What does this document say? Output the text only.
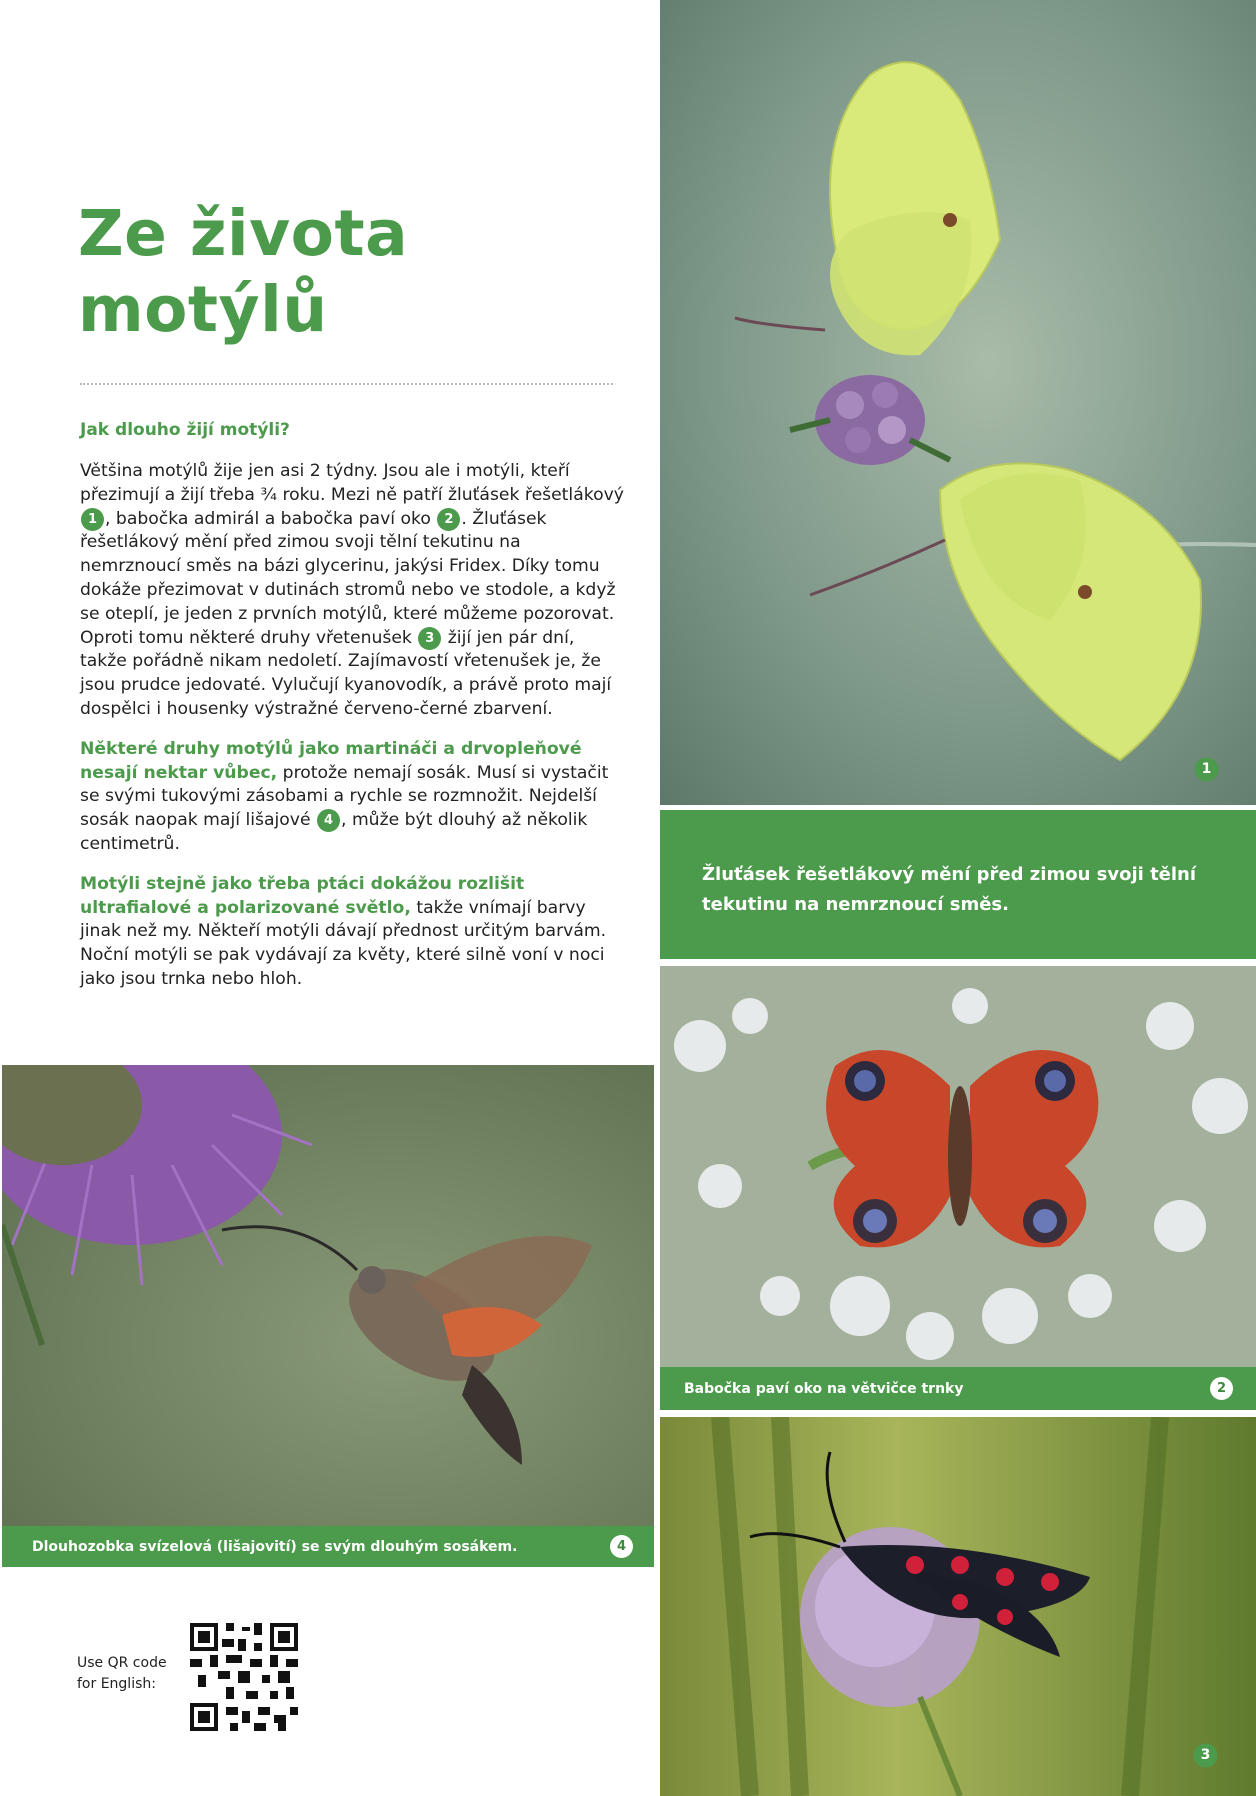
Ze života
motýlů
Jak dlouho žijí motýli?

Většina motýlů žije jen asi 2 týdny. Jsou ale i motýli, kteří přezimují a žijí třeba ¾ roku. Mezi ně patří žluťásek řešetlákový 1 , babočka admirál a babočka paví oko 2 . Žluťásek řešetlákový mění před zimou svoji tělní tekutinu na nemrznoucí směs na bázi glycerinu, jakýsi Fridex. Díky tomu dokáže přezimovat v dutinách stromů nebo ve stodole, a když se oteplí, je jeden z prvních motýlů, které můžeme pozorovat. Oproti tomu některé druhy vřetenušek 3 žijí jen pár dní, takže pořádně nikam nedoletí. Zajímavostí vřetenušek je, že jsou prudce jedovaté. Vylučují kyanovodík, a právě proto mají dospělci i housenky výstražné červeno-černé zbarvení.

Některé druhy motýlů jako martináči a drvopleňové nesají nektar vůbec, protože nemají sosák. Musí si vystačit se svými tukovými zásobami a rychle se rozmnožit. Nejdelší sosák naopak mají lišajové 4 , může být dlouhý až několik centimetrů.

Motýli stejně jako třeba ptáci dokážou rozlišit ultrafialové a polarizované světlo, takže vnímají barvy jinak než my. Někteří motýli dávají přednost určitým barvám. Noční motýli se pak vydávají za květy, které silně voní v noci jako jsou trnka nebo hloh.

1
Žluťásek řešetlákový mění před zimou svoji tělní tekutinu na nemrznoucí směs.
Babočka paví oko na větvičce trnky	2
3
Dlouhozobka svízelová (lišajovití) se svým dlouhým sosákem.	4
Use QR code
for English:
